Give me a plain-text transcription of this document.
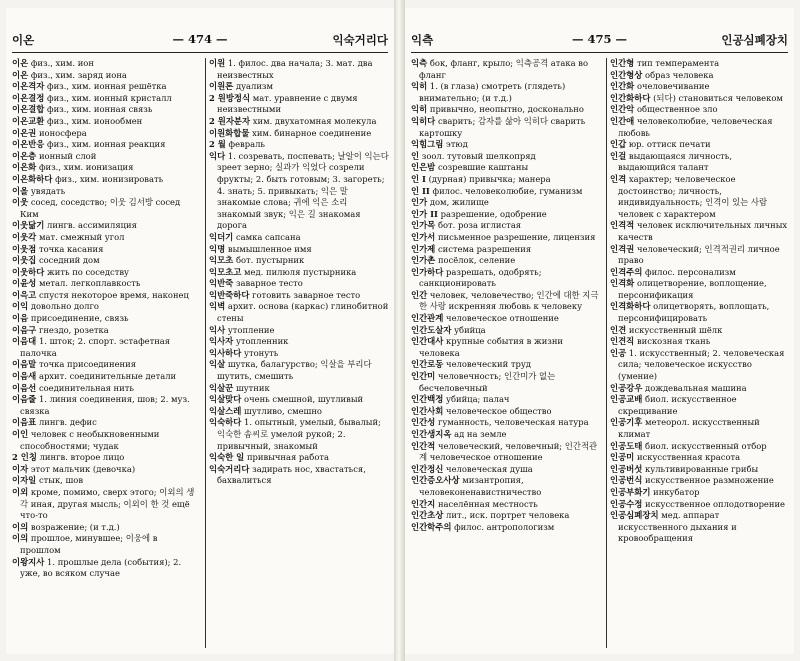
이온	— 474 —	익숙거리다

이온 физ., хим. ион

이온 физ., хим. заряд иона

이온격자 физ., хим. ионная решётка

이온결정 физ., хим. ионный кристалл

이온결합 физ., хим. ионная связь

이온교환 физ., хим. ионообмен

이온권 ионосфера

이온반응 физ., хим. ионная реакция

이온층 ионный слой

이온화 физ., хим. ионизация

이온화하다 физ., хим. ионизировать

이올 увядать

이웃 сосед, соседство; 이웃 김서방 сосед Ким

이웃닮기 лингв. ассимиляция

이웃각 мат. смежный угол

이웃점 точка касания

이웃집 соседний дом

이웃하다 жить по соседству

이윤성 метал. легкоплавкость

이윽고 спустя некоторое время, наконец

이익 довольно долго

이음 присоединение, связь

이음구 гнездо, розетка

이음대 1. шток; 2. спорт. эстафетная палочка

이음말 точка присоединения

이음새 архит. соединительные детали

이음선 соединительная нить

이음줄 1. линия соединения, шов; 2. муз. связка

이음표 лингв. дефис

이인 человек с необыкновенными способностями; чудак

2 인칭 лингв. второе лицо

이자 этот мальчик (девочка)

이자일 стык, шов

이외 кроме, помимо, сверх этого; 이외의 생각 иная, другая мысль; 이외이 한 것 ещё что-то

이의 возражение; (и т.д.)

이의 прошлое, минувшее; 이웅에 в прошлом

이왕지사 1. прошлые дела (события); 2. уже, во всяком случае

이원 1. филос. два начала; 3. мат. два неизвестных

이원론 дуализм

2 원방정식 мат. уравнение с двумя неизвестными

2 원자분자 хим. двухатомная молекула

이원화합물 хим. бинарное соединение

2 월 февраль

익다 1. созревать, поспевать; 날알이 익는다 зреет зерно; 실과가 익었다 созрели фрукты; 2. быть готовым; 3. загореть; 4. знать; 5. привыкать; 익은 말 знакомые слова; 귀에 익은 소리 знакомый звук; 익은 길 знакомая дорога

익더기 самка сапсана

익명 вымышленное имя

익모초 бот. пустырник

익모초고 мед. пилюля пустырника

익반죽 заварное тесто

익반죽하다 готовить заварное тесто

익벽 архит. основа (каркас) глинобитной стены

익사 утопление

익사자 утопленник

익사하다 утонуть

익살 шутка, балагурство; 익살을 부리다 шутить, смешить

익살꾼 шутник

익살맞다 очень смешной, шутливый

익살스레 шутливо, смешно

익숙하다 1. опытный, умелый, бывалый; 익숙한 솜씨로 умелой рукой; 2. привычный, знакомый

익숙한 일 привычная работа

익숙거리다 задирать нос, хвастаться, бахвалиться

익측	— 475 —	인공심폐장치

익측 бок, фланг, крыло; 익측공격 атака во фланг

익히 1. (в глаза) смотреть (глядеть) внимательно; (и т.д.)

익히 привычно, неопытно, досконально

익히다 сварить; 감자를 삶아 익히다 сварить картошку

익힘그림 этюд

인 зоол. тутовый шелкопряд

인은밤 созревшие каштаны

인 I (дурная) привычка; манера

인 II филос. человеколюбие, гуманизм

인가 дом, жилище

인가 II разрешение, одобрение

인가목 бот. роза иглистая

인가서 письменное разрешение, лицензия

인가제 система разрешения

인가촌 посёлок, селение

인가하다 разрешать, одобрять; санкционировать

인간 человек, человечество; 인간에 대한 지극한 사랑 искренняя любовь к человеку

인간관계 человеческое отношение

인간도살자 убийца

인간대사 крупные события в жизни человека

인간로동 человеческий труд

인간미 человечность; 인간미가 없는 бесчеловечный

인간백정 убийца; палач

인간사회 человеческое общество

인간성 гуманность, человеческая натура

인간생지옥 ад на земле

인간적 человеческий, человечный; 인간적관계 человеческое отношение

인간정신 человеческая душа

인간증오사상 мизантропия, человеконенавистничество

인간지 населённая местность

인간초상 лит., иск. портрет человека

인간학주의 филос. антропологизм

인간형 тип темперамента

인간형상 образ человека

인간화 очеловечивание

인간화하다 (되다) становиться человеком

인간악 общественное зло

인간애 человеколюбие, человеческая любовь

인갑 юр. оттиск печати

인걸 выдающаяся личность, выдающийся талант

인격 характер; человеческое достоинство; личность, индивидуальность; 인격이 있는 사람 человек с характером

인격적 человек исключительных личных качеств

인격권 человеческий; 인격적권리 личное право

인격주의 филос. персонализм

인격화 олицетворение, воплощение, персонификация

인격화하다 олицетворять, воплощать, персонифицировать

인견 искусственный шёлк

인견직 вискозная ткань

인공 1. искусственный; 2. человеческая сила; человеческое искусство (умение)

인공강우 дождевальная машина

인공교배 биол. искусственное скрещивание

인공기후 метеорол. искусственный климат

인공도태 биол. искусственный отбор

인공미 искусственная красота

인공버섯 культивированные грибы

인공번식 искусственное размножение

인공부화기 инкубатор

인공수정 искусственное оплодотворение

인공심폐장치 мед. аппарат искусственного дыхания и кровообращения
